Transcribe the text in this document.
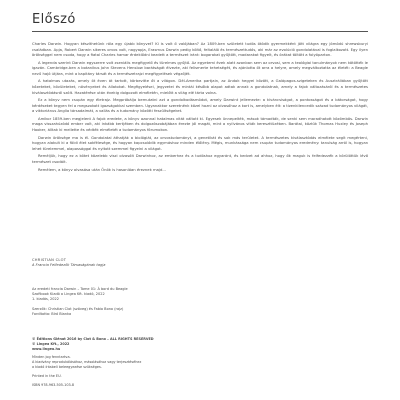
Előszó

Charles Darwin. Hogyan készíthetünk róla egy újabb könyvet? Ki is volt ő valójában? Az 1809-ben született tudós ötödik gyermekként jött világra egy jómódú shrewsburyi családban. Apja, Robert Darwin sikeres orvos volt, nagyapja, Erasmus Darwin pedig költő, feltaláló és természettudós, aki már az evolúció gondolatával is foglalkozott. Egy ilyen örökséggel nem csoda, hogy a fiatal Charles hamar érdeklődni kezdett a természet iránt: bogarakat gyűjtött, madarakat figyelt, és órákat töltött a folyóparton.

A legenda szerint Darwin egyszerre volt zseniális megfigyelő és türelmes gyűjtő. Az egyetemi évek alatt azonban sem az orvosi, sem a teológiai tanulmányok nem kötötték le igazán. Cambridge-ben a botanikus John Stevens Henslow barátságát élvezte, aki felismerte tehetségét, és ajánlotta őt arra a helyre, amely megváltoztatta az életét: a Beagle nevű hajó útjára, mint a kapitány társát és a természetrajzi megfigyelések végzőjét.

A hatalmas utazás, amely öt éven át tartott, körbevitte őt a világon. Dél-Amerika partjain, az Andok hegyei között, a Galápagos-szigeteken és Ausztráliában gyűjtött kőzeteket, kövületeket, növényeket és állatokat. Megfigyelései, jegyzetei és mintái később alapot adtak annak a gondolatnak, amely a fajok változásáról és a természetes kiválasztódásról szólt. Hazatérése után évekig dolgozott elméletén, mielőtt a világ elé tárta volna.

Ez a könyv nem csupán egy életrajz. Megpróbálja bemutatni azt a gondolkodásmódot, amely Darwint jellemezte: a kíváncsiságot, a pontosságot és a bátorságot, hogy kérdéseket tegyen fel a megszokott igazságokkal szemben. Ugyanakkor szeretnénk közel hozni az olvasóhoz a kort is, amelyben élt: a tizenkilencedik század tudományos világát, a viktoriánus Anglia társadalmát, a vallás és a tudomány közötti feszültségeket.

Amikor 1859-ben megjelent A fajok eredete, a könyv azonnal hatalmas vitát váltott ki. Egyesek ünnepelték, mások támadták, de senki sem maradhatott közömbös. Darwin maga visszahúzódó ember volt, aki inkább kertjében és dolgozószobájában érezte jól magát, mint a nyilvános viták kereszttüzében. Barátai, köztük Thomas Huxley és Joseph Hooker, álltak ki mellette és védték elméletét a tudományos fórumokon.

Darwin öröksége ma is él. Gondolatai áthatják a biológiát, az orvostudományt, a genetikát és sok más területet. A természetes kiválasztódás elmélete segít megérteni, hogyan alakult ki a földi élet sokfélesége, és hogyan kapcsolódik egymáshoz minden élőlény. Mégis, munkássága nem csupán tudományos eredmény: tanulság arról is, hogyan lehet türelemmel, alapossággal és nyitott szemmel figyelni a világot.

Reméljük, hogy ez a kötet közelebb viszi olvasóit Darwinhoz, az emberhez és a tudóshoz egyaránt, és kedvet ad ahhoz, hogy ők maguk is felfedezzék a körülöttük lévő természet csodáit.

Remélem, a könyv olvasása után Önök is hasonlóan éreznek majd...

CHRISTIAN CLOT
A Francia Felfedezők Társaságának tagja
Az eredeti francia Darwin – Tome 01: À bord du Beagle
Szofibook Kiadó a Lingea Kft. kiadó, 2022
1. kiadás, 2022
Szerzők: Christian Clot (szöveg) és Fabio Bono (rajz)
Fordította: Bíró Bianka
© Éditions Glénat 2016 by Clot & Bono – ALL RIGHTS RESERVED
© Lingea Kft., 2022
www.lingea.hu
Minden jog fenntartva.
A kiadvány reprodukálásához, másolásához vagy terjesztéséhez
a kiadó írásbeli beleegyezése szükséges.
Printed in the EU.
ISBN 978-963-505-103-8
